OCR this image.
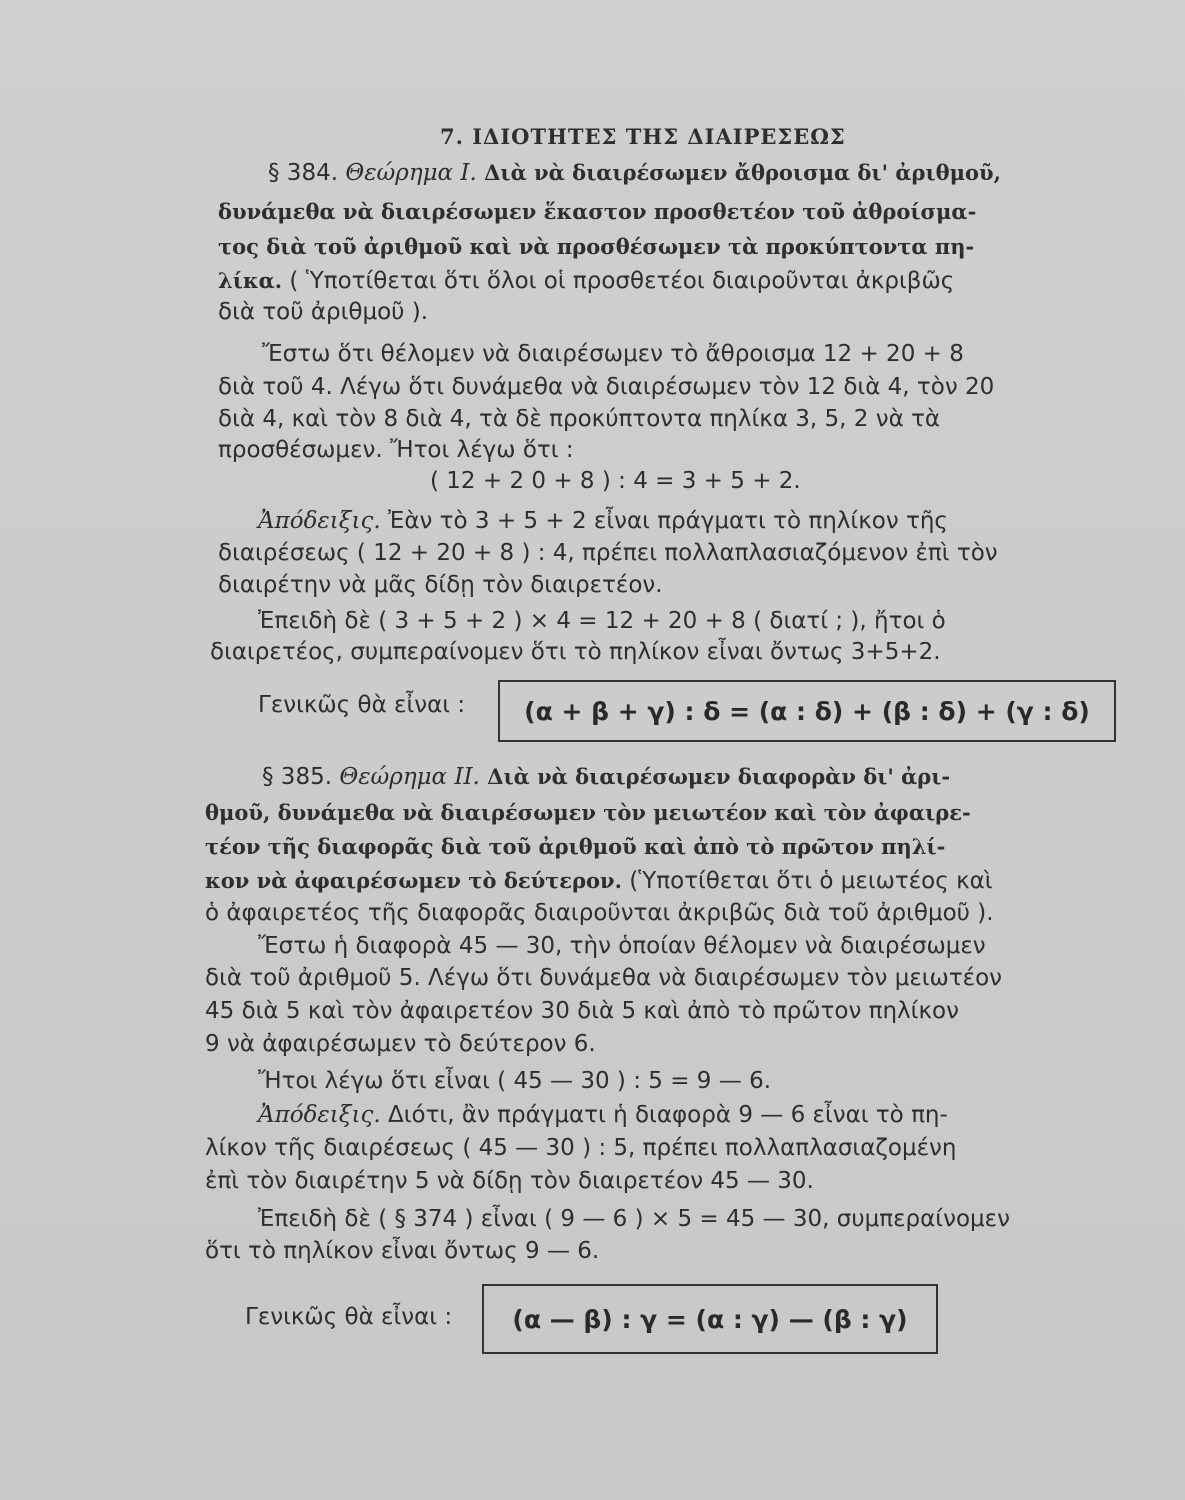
7. ΙΔΙΟΤΗΤΕΣ ΤΗΣ ΔΙΑΙΡΕΣΕΩΣ
§ 384. Θεώρημα I. Διὰ νὰ διαιρέσωμεν ἄθροισμα δι' ἀριθμοῦ,
δυνάμεθα νὰ διαιρέσωμεν ἕκαστον προσθετέον τοῦ ἀθροίσμα-
τος διὰ τοῦ ἀριθμοῦ καὶ νὰ προσθέσωμεν τὰ προκύπτοντα πη-
λίκα. ( Ὑποτίθεται ὅτι ὅλοι οἱ προσθετέοι διαιροῦνται ἀκριβῶς
διὰ τοῦ ἀριθμοῦ ).
Ἔστω ὅτι θέλομεν νὰ διαιρέσωμεν τὸ ἄθροισμα 12 + 20 + 8
διὰ τοῦ 4. Λέγω ὅτι δυνάμεθα νὰ διαιρέσωμεν τὸν 12 διὰ 4, τὸν 20
διὰ 4, καὶ τὸν 8 διὰ 4, τὰ δὲ προκύπτοντα πηλίκα 3, 5, 2 νὰ τὰ
προσθέσωμεν. Ἤτοι λέγω ὅτι :
( 12 + 2 0 + 8 ) : 4 = 3 + 5 + 2.
Ἀπόδειξις. Ἐὰν τὸ 3 + 5 + 2 εἶναι πράγματι τὸ πηλίκον τῆς
διαιρέσεως ( 12 + 20 + 8 ) : 4, πρέπει πολλαπλασιαζόμενον ἐπὶ τὸν
διαιρέτην νὰ μᾶς δίδῃ τὸν διαιρετέον.
Ἐπειδὴ δὲ ( 3 + 5 + 2 ) × 4 = 12 + 20 + 8 ( διατί ; ), ἤτοι ὁ
διαιρετέος, συμπεραίνομεν ὅτι τὸ πηλίκον εἶναι ὄντως 3+5+2.
Γενικῶς θὰ εἶναι : (α + β + γ) : δ = (α : δ) + (β : δ) + (γ : δ)
§ 385. Θεώρημα II. Διὰ νὰ διαιρέσωμεν διαφορὰν δι' ἀρι-
θμοῦ, δυνάμεθα νὰ διαιρέσωμεν τὸν μειωτέον καὶ τὸν ἀφαιρε-
τέον τῆς διαφορᾶς διὰ τοῦ ἀριθμοῦ καὶ ἀπὸ τὸ πρῶτον πηλί-
κον νὰ ἀφαιρέσωμεν τὸ δεύτερον. (Ὑποτίθεται ὅτι ὁ μειωτέος καὶ
ὁ ἀφαιρετέος τῆς διαφορᾶς διαιροῦνται ἀκριβῶς διὰ τοῦ ἀριθμοῦ ).
Ἔστω ἡ διαφορὰ 45 — 30, τὴν ὁποίαν θέλομεν νὰ διαιρέσωμεν
διὰ τοῦ ἀριθμοῦ 5. Λέγω ὅτι δυνάμεθα νὰ διαιρέσωμεν τὸν μειωτέον
45 διὰ 5 καὶ τὸν ἀφαιρετέον 30 διὰ 5 καὶ ἀπὸ τὸ πρῶτον πηλίκον
9 νὰ ἀφαιρέσωμεν τὸ δεύτερον 6.
Ἤτοι λέγω ὅτι εἶναι ( 45 — 30 ) : 5 = 9 — 6.
Ἀπόδειξις. Διότι, ἂν πράγματι ἡ διαφορὰ 9 — 6 εἶναι τὸ πη-
λίκον τῆς διαιρέσεως ( 45 — 30 ) : 5, πρέπει πολλαπλασιαζομένη
ἐπὶ τὸν διαιρέτην 5 νὰ δίδῃ τὸν διαιρετέον 45 — 30.
Ἐπειδὴ δὲ ( § 374 ) εἶναι ( 9 — 6 ) × 5 = 45 — 30, συμπεραίνομεν
ὅτι τὸ πηλίκον εἶναι ὄντως 9 — 6.
Γενικῶς θὰ εἶναι : (α — β) : γ = (α : γ) — (β : γ)
